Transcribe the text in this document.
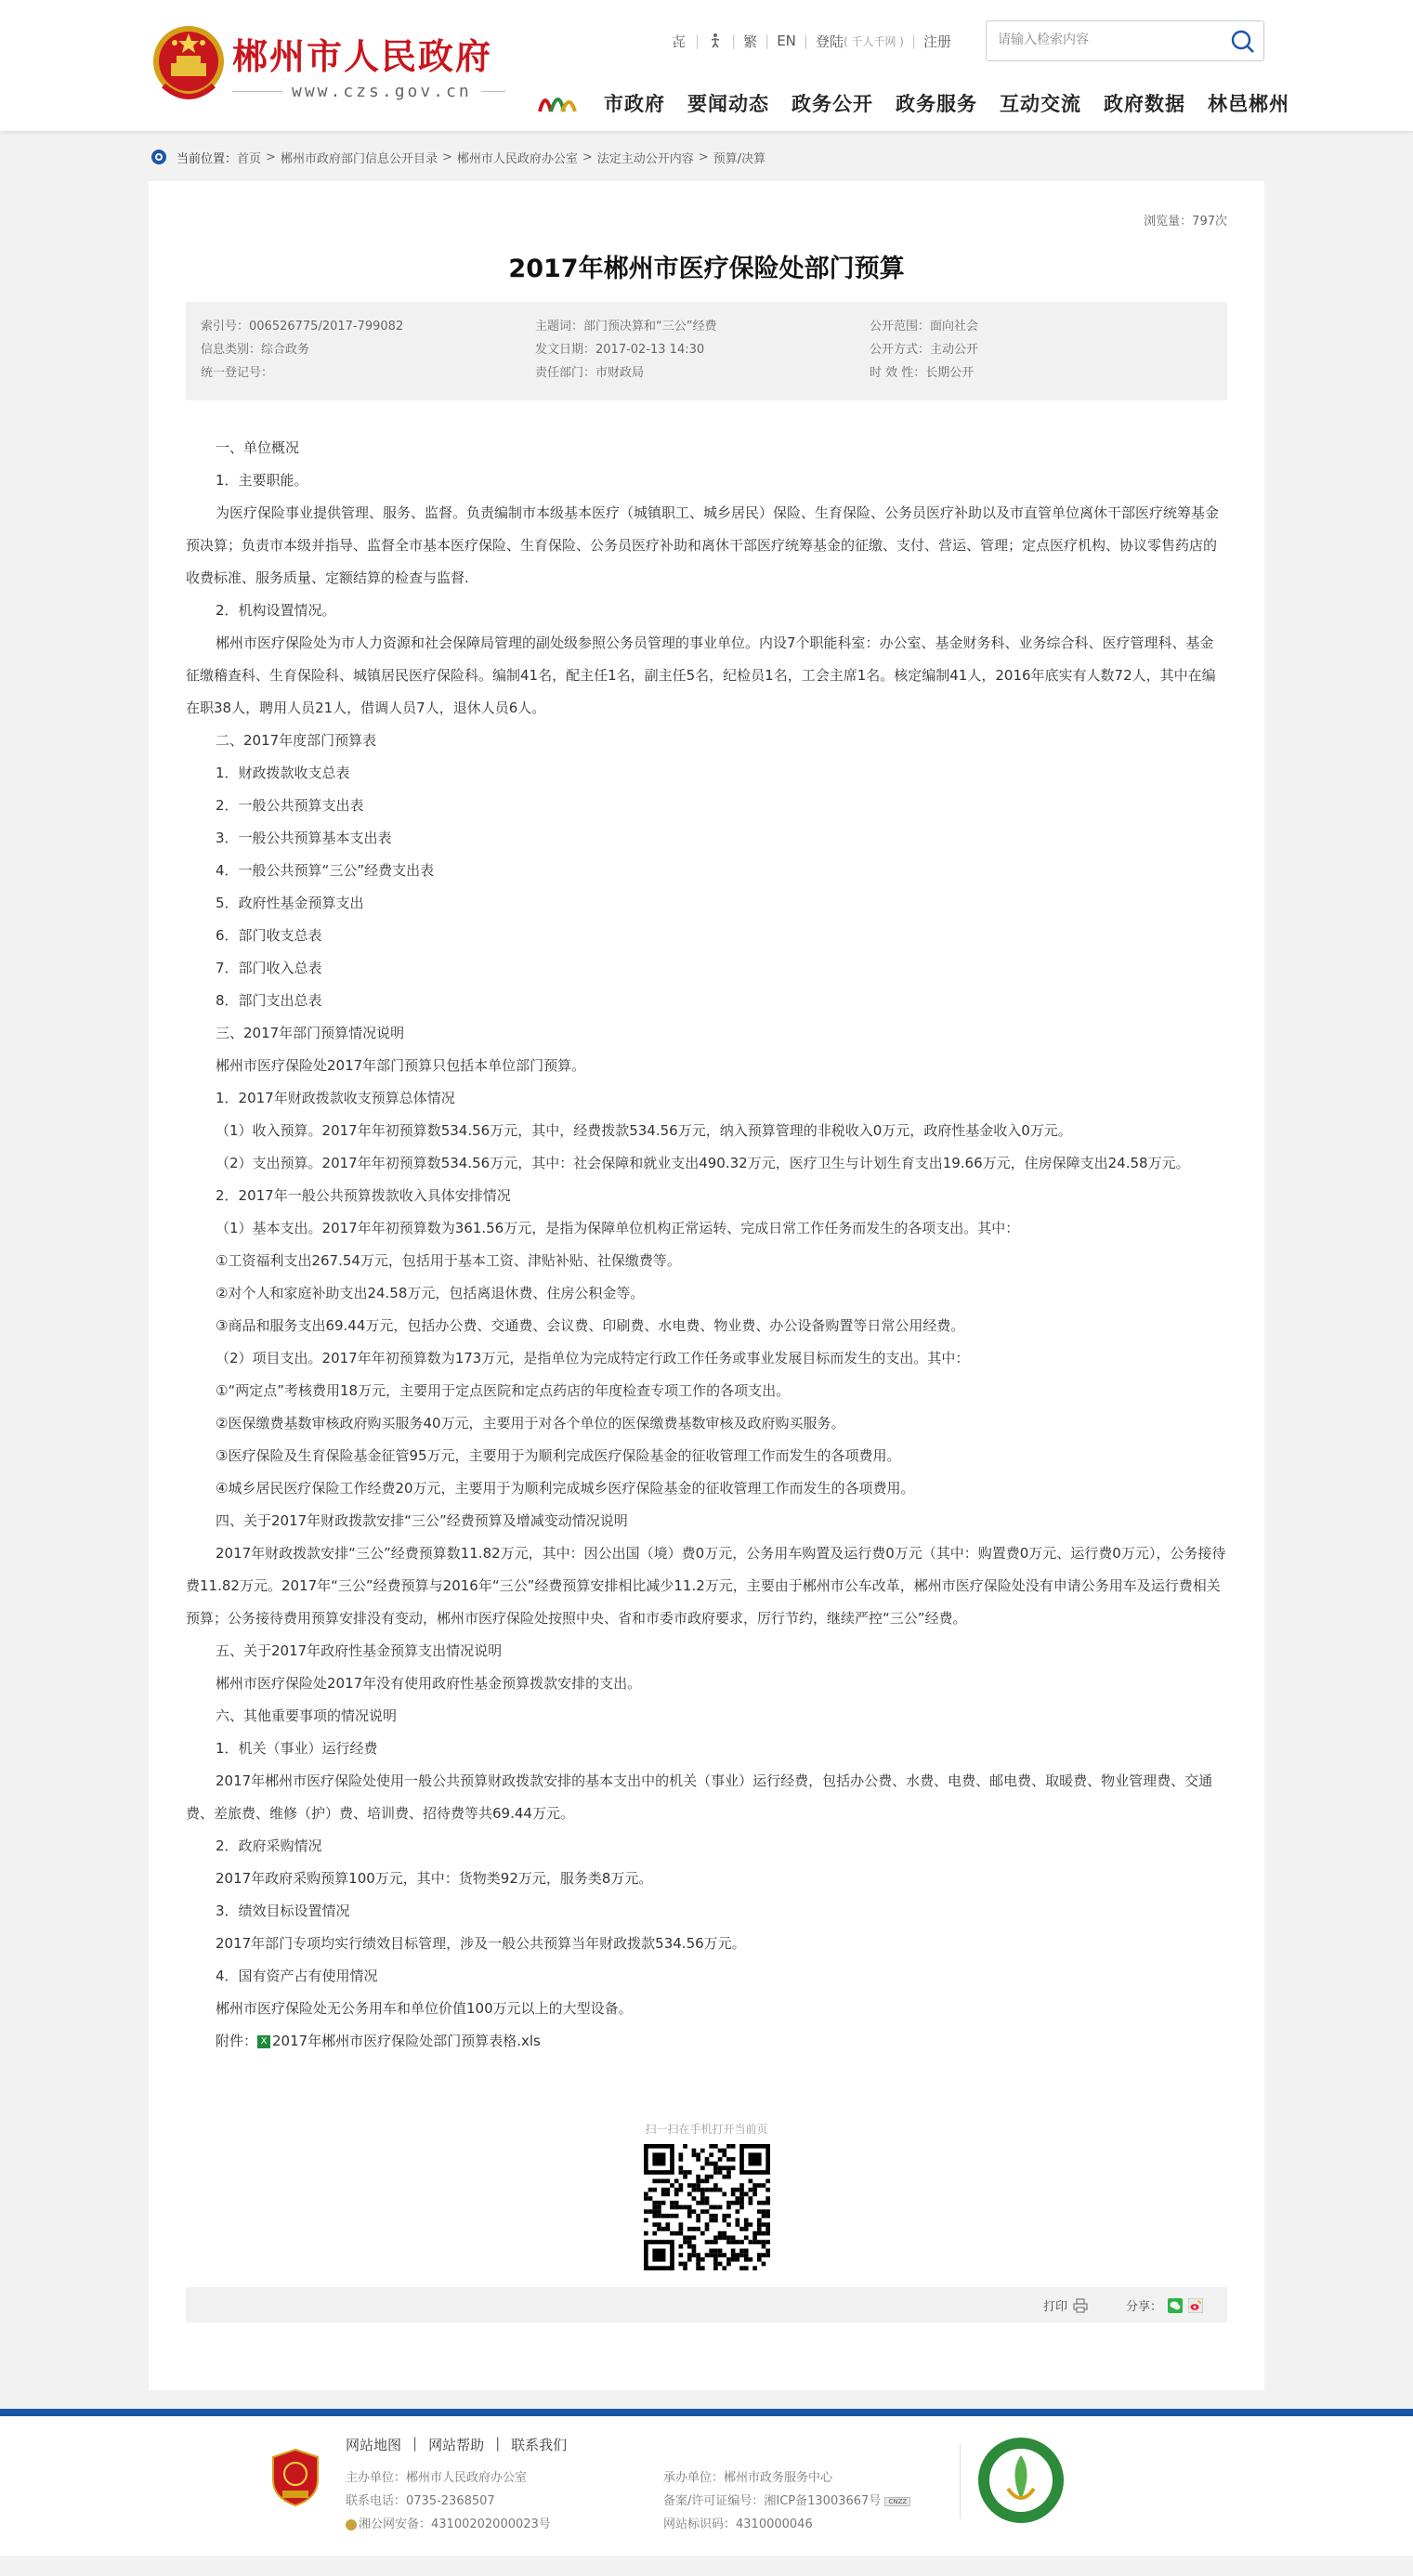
郴州市人民政府
www.czs.gov.cn
㐂 | | 繁 | EN | 登陆 ( 千人千网 ) | 注册
请输入检索内容
市政府 要闻动态 政务公开 政务服务 互动交流 政府数据 林邑郴州
当前位置： 首页 > 郴州市政府部门信息公开目录 > 郴州市人民政府办公室 > 法定主动公开内容 > 预算/决算
浏览量：797次
2017年郴州市医疗保险处部门预算
索引号：006526775/2017-799082	主题词：部门预决算和“三公”经费	公开范围：面向社会
信息类别：综合政务	发文日期：2017-02-13 14:30	公开方式：主动公开
统一登记号：	责任部门：市财政局	时 效 性：长期公开

一、单位概况

1．主要职能。

为医疗保险事业提供管理、服务、监督。负责编制市本级基本医疗（城镇职工、城乡居民）保险、生育保险、公务员医疗补助以及市直管单位离休干部医疗统筹基金预决算；负责市本级并指导、监督全市基本医疗保险、生育保险、公务员医疗补助和离休干部医疗统筹基金的征缴、支付、营运、管理；定点医疗机构、协议零售药店的收费标准、服务质量、定额结算的检查与监督.

2．机构设置情况。

郴州市医疗保险处为市人力资源和社会保障局管理的副处级参照公务员管理的事业单位。内设7个职能科室：办公室、基金财务科、业务综合科、医疗管理科、基金征缴稽查科、生育保险科、城镇居民医疗保险科。编制41名，配主任1名，副主任5名，纪检员1名，工会主席1名。核定编制41人，2016年底实有人数72人，其中在编在职38人，聘用人员21人，借调人员7人，退休人员6人。

二、2017年度部门预算表

1．财政拨款收支总表

2．一般公共预算支出表

3．一般公共预算基本支出表

4．一般公共预算“三公”经费支出表

5．政府性基金预算支出

6．部门收支总表

7．部门收入总表

8．部门支出总表

三、2017年部门预算情况说明

郴州市医疗保险处2017年部门预算只包括本单位部门预算。

1．2017年财政拨款收支预算总体情况

（1）收入预算。2017年年初预算数534.56万元，其中，经费拨款534.56万元，纳入预算管理的非税收入0万元，政府性基金收入0万元。

（2）支出预算。2017年年初预算数534.56万元，其中：社会保障和就业支出490.32万元，医疗卫生与计划生育支出19.66万元，住房保障支出24.58万元。

2．2017年一般公共预算拨款收入具体安排情况

（1）基本支出。2017年年初预算数为361.56万元，是指为保障单位机构正常运转、完成日常工作任务而发生的各项支出。其中：

①工资福利支出267.54万元，包括用于基本工资、津贴补贴、社保缴费等。

②对个人和家庭补助支出24.58万元，包括离退休费、住房公积金等。

③商品和服务支出69.44万元，包括办公费、交通费、会议费、印刷费、水电费、物业费、办公设备购置等日常公用经费。

（2）项目支出。2017年年初预算数为173万元，是指单位为完成特定行政工作任务或事业发展目标而发生的支出。其中：

①“两定点”考核费用18万元，主要用于定点医院和定点药店的年度检查专项工作的各项支出。

②医保缴费基数审核政府购买服务40万元，主要用于对各个单位的医保缴费基数审核及政府购买服务。

③医疗保险及生育保险基金征管95万元，主要用于为顺利完成医疗保险基金的征收管理工作而发生的各项费用。

④城乡居民医疗保险工作经费20万元，主要用于为顺利完成城乡医疗保险基金的征收管理工作而发生的各项费用。

四、关于2017年财政拨款安排“三公”经费预算及增减变动情况说明

2017年财政拨款安排“三公”经费预算数11.82万元，其中：因公出国（境）费0万元，公务用车购置及运行费0万元（其中：购置费0万元、运行费0万元），公务接待费11.82万元。2017年“三公”经费预算与2016年“三公”经费预算安排相比减少11.2万元，主要由于郴州市公车改革，郴州市医疗保险处没有申请公务用车及运行费相关预算；公务接待费用预算安排没有变动，郴州市医疗保险处按照中央、省和市委市政府要求，厉行节约，继续严控“三公”经费。

五、关于2017年政府性基金预算支出情况说明

郴州市医疗保险处2017年没有使用政府性基金预算拨款安排的支出。

六、其他重要事项的情况说明

1．机关（事业）运行经费

2017年郴州市医疗保险处使用一般公共预算财政拨款安排的基本支出中的机关（事业）运行经费，包括办公费、水费、电费、邮电费、取暖费、物业管理费、交通费、差旅费、维修（护）费、培训费、招待费等共69.44万元。

2．政府采购情况

2017年政府采购预算100万元，其中：货物类92万元，服务类8万元。

3．绩效目标设置情况

2017年部门专项均实行绩效目标管理，涉及一般公共预算当年财政拨款534.56万元。

4．国有资产占有使用情况

郴州市医疗保险处无公务用车和单位价值100万元以上的大型设备。

附件： X 2017年郴州市医疗保险处部门预算表格.xls
扫一扫在手机打开当前页
打印	分享：
网站地图 | 网站帮助 | 联系我们
主办单位：郴州市人民政府办公室
联系电话：0735-2368507
湘公网安备：43100202000023号
承办单位：郴州市政务服务中心
备案/许可证编号：湘ICP备13003667号 CNZZ
网站标识码：4310000046
